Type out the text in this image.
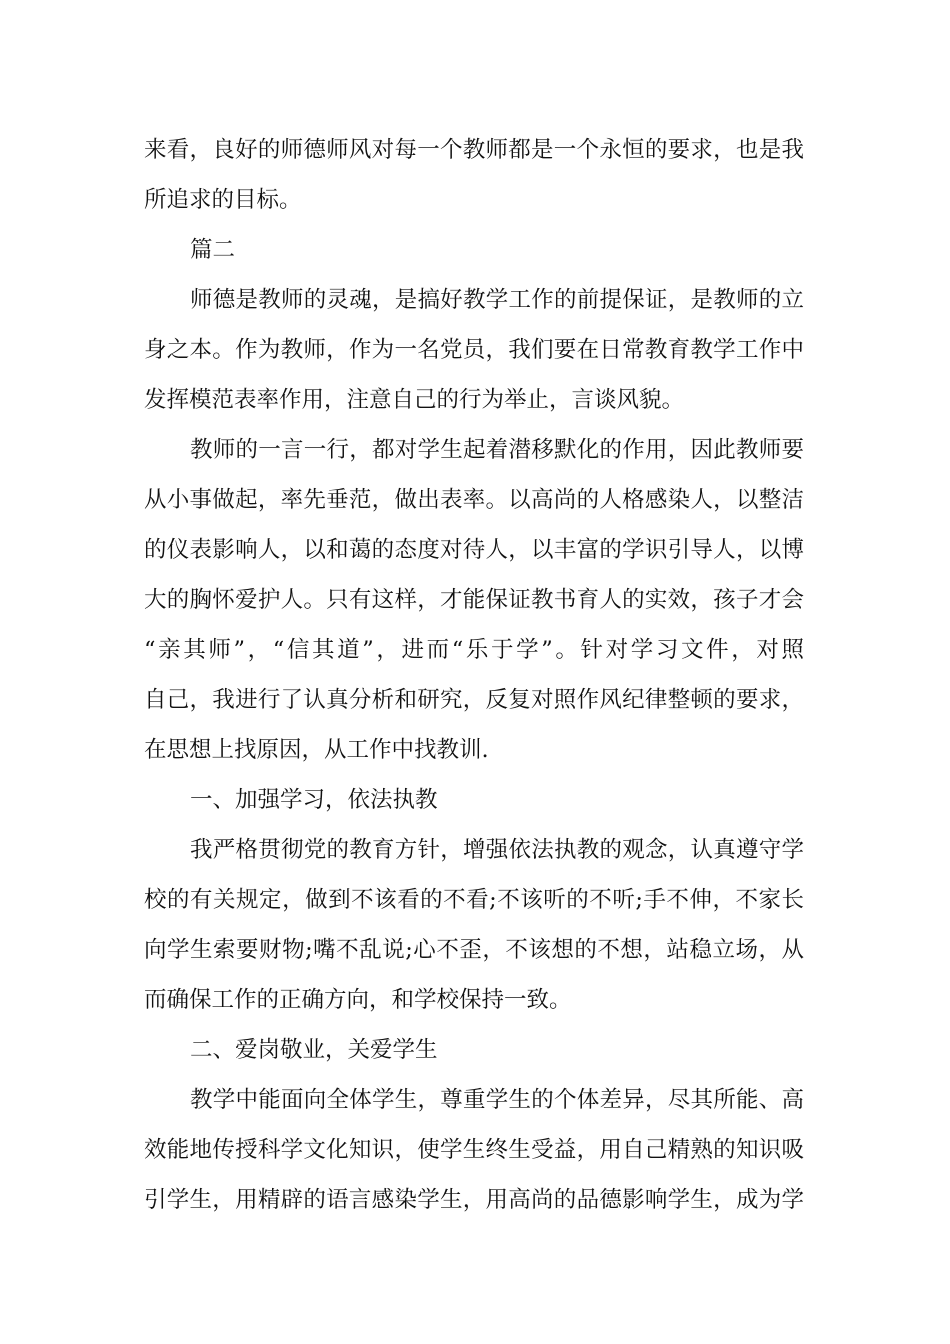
来看，良好的师德师风对每一个教师都是一个永恒的要求，也是我
所追求的目标。
篇二
师德是教师的灵魂，是搞好教学工作的前提保证，是教师的立
身之本。作为教师，作为一名党员，我们要在日常教育教学工作中
发挥模范表率作用，注意自己的行为举止，言谈风貌。
教师的一言一行，都对学生起着潜移默化的作用，因此教师要
从小事做起，率先垂范，做出表率。以高尚的人格感染人，以整洁
的仪表影响人，以和蔼的态度对待人，以丰富的学识引导人，以博
大的胸怀爱护人。只有这样，才能保证教书育人的实效，孩子才会
“亲其师”，“信其道”，进而“乐于学”。针对学习文件，对照
自己，我进行了认真分析和研究，反复对照作风纪律整顿的要求，
在思想上找原因，从工作中找教训.
一、加强学习，依法执教
我严格贯彻党的教育方针，增强依法执教的观念，认真遵守学
校的有关规定，做到不该看的不看;不该听的不听;手不伸，不家长
向学生索要财物;嘴不乱说;心不歪，不该想的不想，站稳立场，从
而确保工作的正确方向，和学校保持一致。
二、爱岗敬业，关爱学生
教学中能面向全体学生，尊重学生的个体差异，尽其所能、高
效能地传授科学文化知识，使学生终生受益，用自己精熟的知识吸
引学生，用精辟的语言感染学生，用高尚的品德影响学生，成为学
